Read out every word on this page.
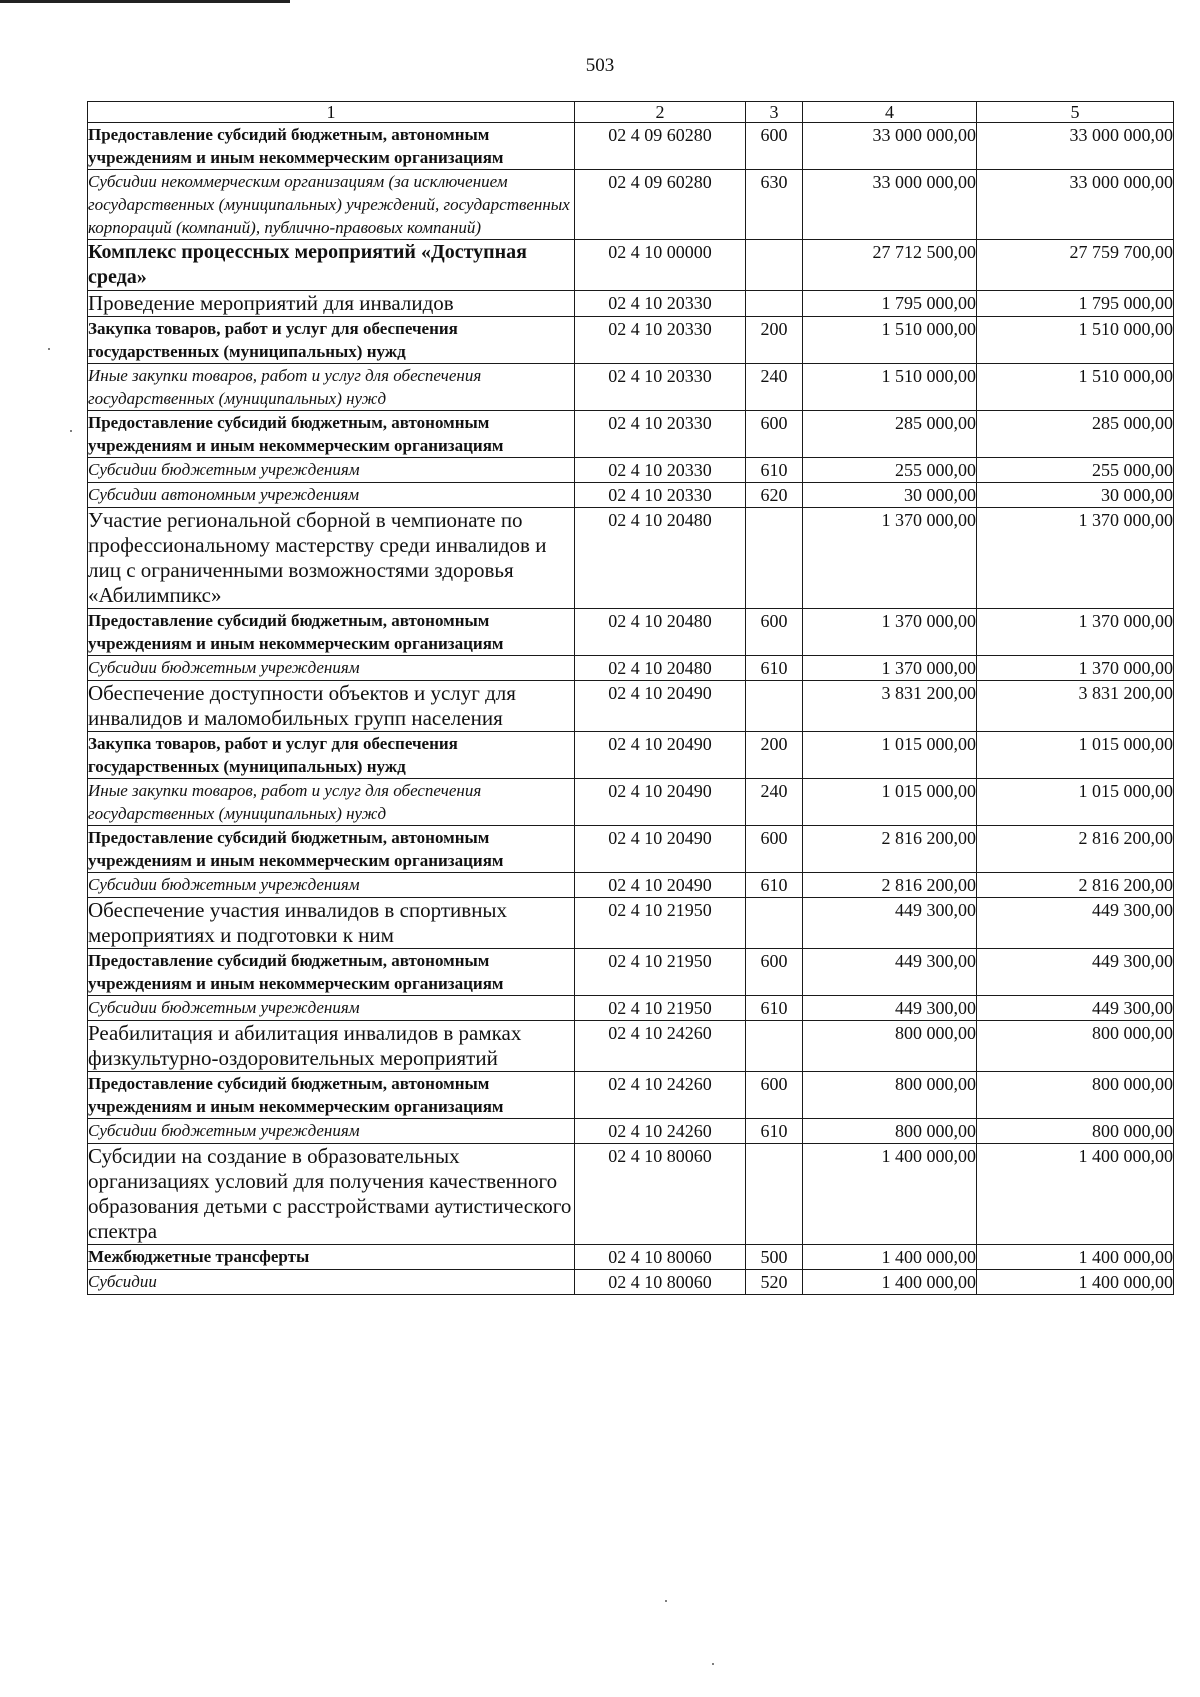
503
1	2	3	4	5
Предоставление субсидий бюджетным, автономным учреждениям и иным некоммерческим организациям	02 4 09 60280	600	33 000 000,00	33 000 000,00
Субсидии некоммерческим организациям (за исключением государственных (муниципальных) учреждений, государственных корпораций (компаний), публично-правовых компаний)	02 4 09 60280	630	33 000 000,00	33 000 000,00
Комплекс процессных мероприятий «Доступная среда»	02 4 10 00000		27 712 500,00	27 759 700,00
Проведение мероприятий для инвалидов	02 4 10 20330		1 795 000,00	1 795 000,00
Закупка товаров, работ и услуг для обеспечения государственных (муниципальных) нужд	02 4 10 20330	200	1 510 000,00	1 510 000,00
Иные закупки товаров, работ и услуг для обеспечения государственных (муниципальных) нужд	02 4 10 20330	240	1 510 000,00	1 510 000,00
Предоставление субсидий бюджетным, автономным учреждениям и иным некоммерческим организациям	02 4 10 20330	600	285 000,00	285 000,00
Субсидии бюджетным учреждениям	02 4 10 20330	610	255 000,00	255 000,00
Субсидии автономным учреждениям	02 4 10 20330	620	30 000,00	30 000,00
Участие региональной сборной в чемпионате по профессиональному мастерству среди инвалидов и лиц с ограниченными возможностями здоровья «Абилимпикс»	02 4 10 20480		1 370 000,00	1 370 000,00
Предоставление субсидий бюджетным, автономным учреждениям и иным некоммерческим организациям	02 4 10 20480	600	1 370 000,00	1 370 000,00
Субсидии бюджетным учреждениям	02 4 10 20480	610	1 370 000,00	1 370 000,00
Обеспечение доступности объектов и услуг для инвалидов и маломобильных групп населения	02 4 10 20490		3 831 200,00	3 831 200,00
Закупка товаров, работ и услуг для обеспечения государственных (муниципальных) нужд	02 4 10 20490	200	1 015 000,00	1 015 000,00
Иные закупки товаров, работ и услуг для обеспечения государственных (муниципальных) нужд	02 4 10 20490	240	1 015 000,00	1 015 000,00
Предоставление субсидий бюджетным, автономным учреждениям и иным некоммерческим организациям	02 4 10 20490	600	2 816 200,00	2 816 200,00
Субсидии бюджетным учреждениям	02 4 10 20490	610	2 816 200,00	2 816 200,00
Обеспечение участия инвалидов в спортивных мероприятиях и подготовки к ним	02 4 10 21950		449 300,00	449 300,00
Предоставление субсидий бюджетным, автономным учреждениям и иным некоммерческим организациям	02 4 10 21950	600	449 300,00	449 300,00
Субсидии бюджетным учреждениям	02 4 10 21950	610	449 300,00	449 300,00
Реабилитация и абилитация инвалидов в рамках физкультурно-оздоровительных мероприятий	02 4 10 24260		800 000,00	800 000,00
Предоставление субсидий бюджетным, автономным учреждениям и иным некоммерческим организациям	02 4 10 24260	600	800 000,00	800 000,00
Субсидии бюджетным учреждениям	02 4 10 24260	610	800 000,00	800 000,00
Субсидии на создание в образовательных организациях условий для получения качественного образования детьми с расстройствами аутистического спектра	02 4 10 80060		1 400 000,00	1 400 000,00
Межбюджетные трансферты	02 4 10 80060	500	1 400 000,00	1 400 000,00
Субсидии	02 4 10 80060	520	1 400 000,00	1 400 000,00
